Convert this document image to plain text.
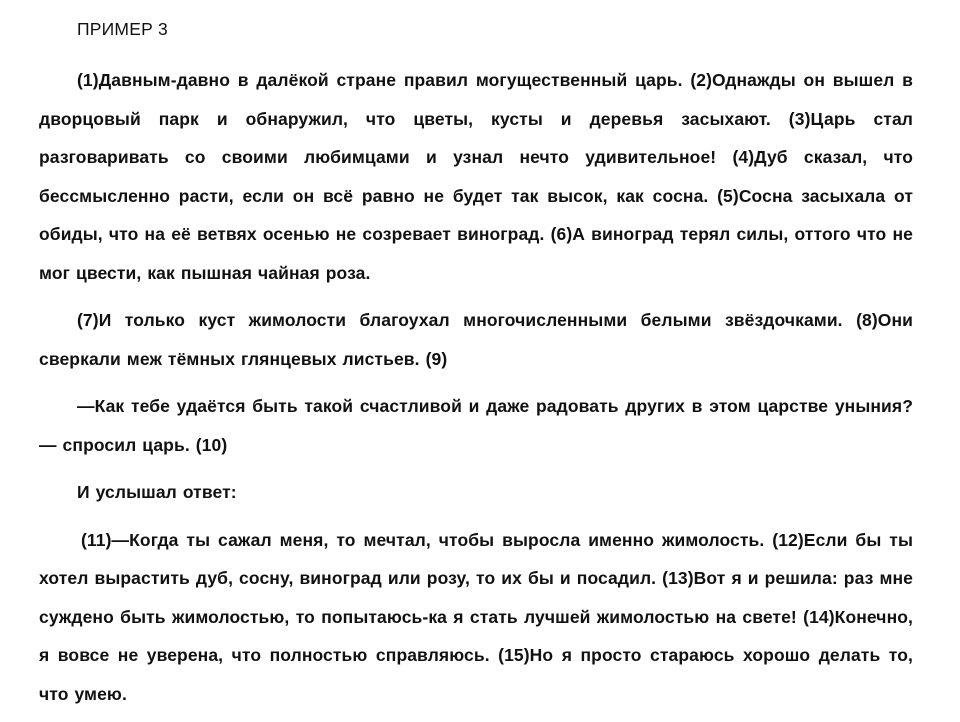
ПРИМЕР 3

(1)Давным-давно в далёкой стране правил могущественный царь. (2)Однажды он вышел в дворцовый парк и обнаружил, что цветы, кусты и деревья засыхают. (3)Царь стал разговаривать со своими любимцами и узнал нечто удивительное! (4)Дуб сказал, что бессмысленно расти, если он всё равно не будет так высок, как сосна. (5)Сосна засыхала от обиды, что на её ветвях осенью не созревает виноград. (6)А виноград терял силы, оттого что не мог цвести, как пышная чайная роза.

(7)И только куст жимолости благоухал многочисленными белыми звёздочками. (8)Они сверкали меж тёмных глянцевых листьев. (9)

—Как тебе удаётся быть такой счастливой и даже радовать других в этом царстве уныния? — спросил царь. (10)

И услышал ответ:

(11)—Когда ты сажал меня, то мечтал, чтобы выросла именно жимолость. (12)Если бы ты хотел вырастить дуб, сосну, виноград или розу, то их бы и посадил. (13)Вот я и решила: раз мне суждено быть жимолостью, то попытаюсь-ка я стать лучшей жимолостью на свете! (14)Конечно, я вовсе не уверена, что полностью справляюсь. (15)Но я просто стараюсь хорошо делать то, что умею.
